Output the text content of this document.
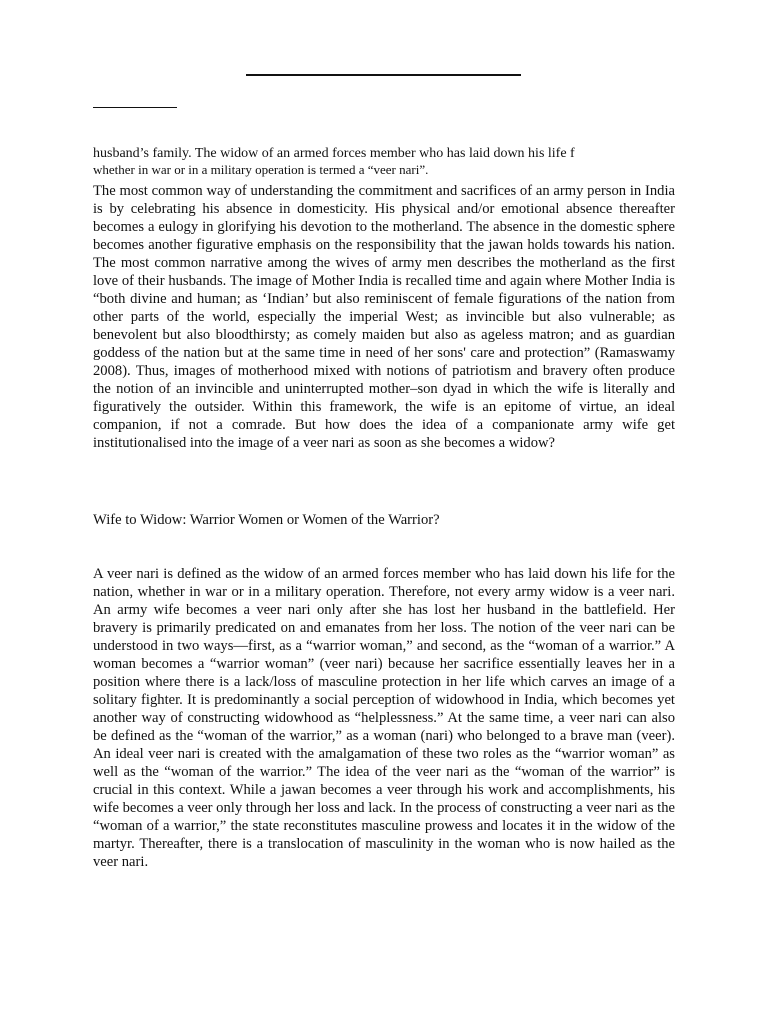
husband’s family. The widow of an armed forces member who has laid down his life f

whether in war or in a military operation is termed a “veer nari”.

The most common way of understanding the commitment and sacrifices of an army person in India is by celebrating his absence in domesticity. His physical and/or emotional absence thereafter becomes a eulogy in glorifying his devotion to the motherland. The absence in the domestic sphere becomes another figurative emphasis on the responsibility that the jawan holds towards his nation. The most common narrative among the wives of army men describes the motherland as the first love of their husbands. The image of Mother India is recalled time and again where Mother India is “both divine and human; as ‘Indian’ but also reminiscent of female figurations of the nation from other parts of the world, especially the imperial West; as invincible but also vulnerable; as benevolent but also bloodthirsty; as comely maiden but also as ageless matron; and as guardian goddess of the nation but at the same time in need of her sons' care and protection” (Ramaswamy 2008). Thus, images of motherhood mixed with notions of patriotism and bravery often produce the notion of an invincible and uninterrupted mother–son dyad in which the wife is literally and figuratively the outsider. Within this framework, the wife is an epitome of virtue, an ideal companion, if not a comrade. But how does the idea of a companionate army wife get institutionalised into the image of a veer nari as soon as she becomes a widow?

Wife to Widow: Warrior Women or Women of the Warrior?

A veer nari is defined as the widow of an armed forces member who has laid down his life for the nation, whether in war or in a military operation. Therefore, not every army widow is a veer nari. An army wife becomes a veer nari only after she has lost her husband in the battlefield. Her bravery is primarily predicated on and emanates from her loss. The notion of the veer nari can be understood in two ways—first, as a “warrior woman,” and second, as the “woman of a warrior.” A woman becomes a “warrior woman” (veer nari) because her sacrifice essentially leaves her in a position where there is a lack/loss of masculine protection in her life which carves an image of a solitary fighter. It is predominantly a social perception of widowhood in India, which becomes yet another way of constructing widowhood as “helplessness.” At the same time, a veer nari can also be defined as the “woman of the warrior,” as a woman (nari) who belonged to a brave man (veer). An ideal veer nari is created with the amalgamation of these two roles as the “warrior woman” as well as the “woman of the warrior.” The idea of the veer nari as the “woman of the warrior” is crucial in this context. While a jawan becomes a veer through his work and accomplishments, his wife becomes a veer only through her loss and lack. In the process of constructing a veer nari as the “woman of a warrior,” the state reconstitutes masculine prowess and locates it in the widow of the martyr. Thereafter, there is a translocation of masculinity in the woman who is now hailed as the veer nari.
